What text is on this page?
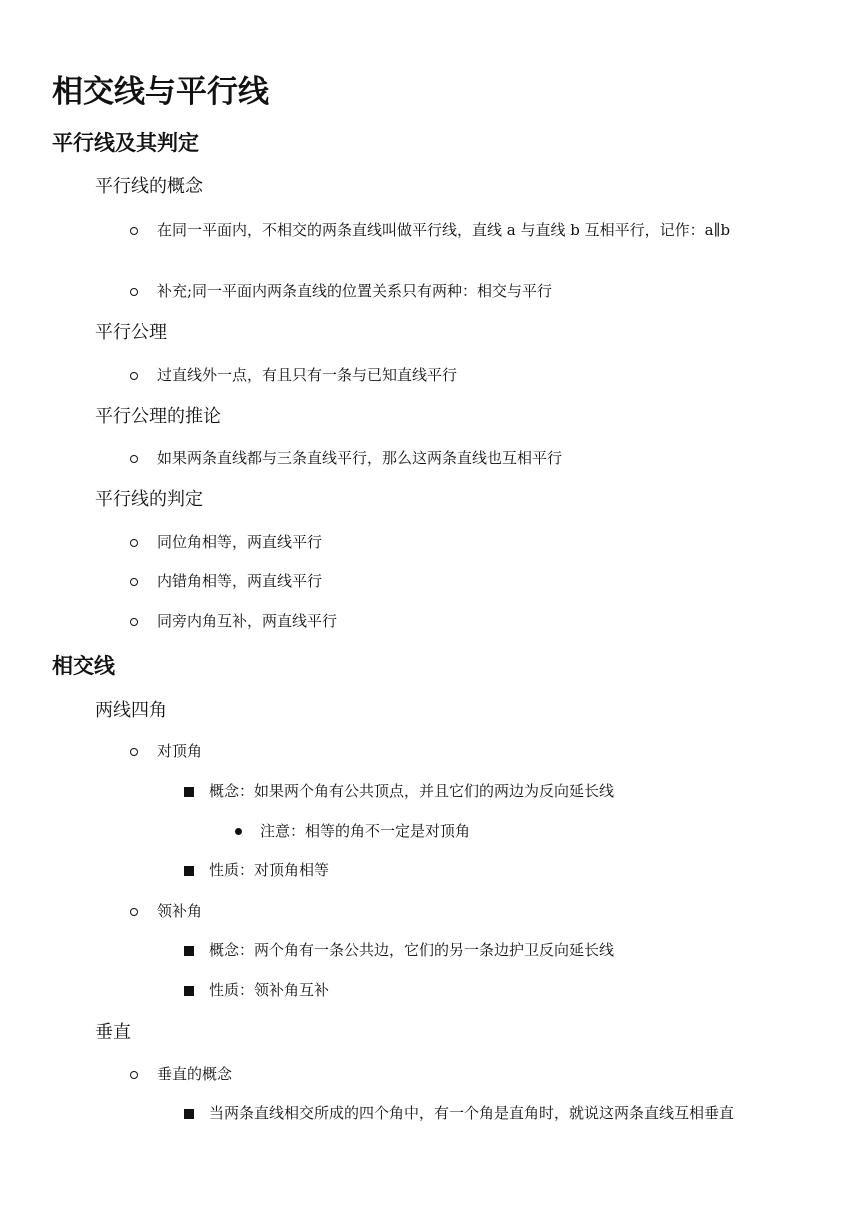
相交线与平行线
平行线及其判定
平行线的概念
在同一平面内，不相交的两条直线叫做平行线，直线 a 与直线 b 互相平行，记作：a∥b
补充;同一平面内两条直线的位置关系只有两种：相交与平行
平行公理
过直线外一点，有且只有一条与已知直线平行
平行公理的推论
如果两条直线都与三条直线平行，那么这两条直线也互相平行
平行线的判定
同位角相等，两直线平行
内错角相等，两直线平行
同旁内角互补，两直线平行
相交线
两线四角
对顶角
概念：如果两个角有公共顶点，并且它们的两边为反向延长线
注意：相等的角不一定是对顶角
性质：对顶角相等
领补角
概念：两个角有一条公共边，它们的另一条边护卫反向延长线
性质：领补角互补
垂直
垂直的概念
当两条直线相交所成的四个角中，有一个角是直角时，就说这两条直线互相垂直
